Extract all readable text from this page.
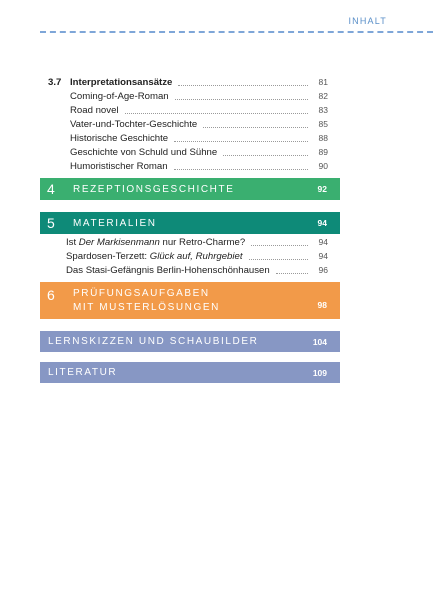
INHALT
3.7 Interpretationsansätze	81
Coming-of-Age-Roman	82
Road novel	83
Vater-und-Tochter-Geschichte	85
Historische Geschichte	88
Geschichte von Schuld und Sühne	89
Humoristischer Roman	90
4	REZEPTIONSGESCHICHTE	92
5	MATERIALIEN	94
Ist Der Markisenmann nur Retro-Charme?	94
Spardosen-Terzett: Glück auf, Ruhrgebiet	94
Das Stasi-Gefängnis Berlin-Hohenschönhausen	96
6	PRÜFUNGSAUFGABEN
MIT MUSTERLÖSUNGEN	98
LERNSKIZZEN UND SCHAUBILDER	104
LITERATUR	109
